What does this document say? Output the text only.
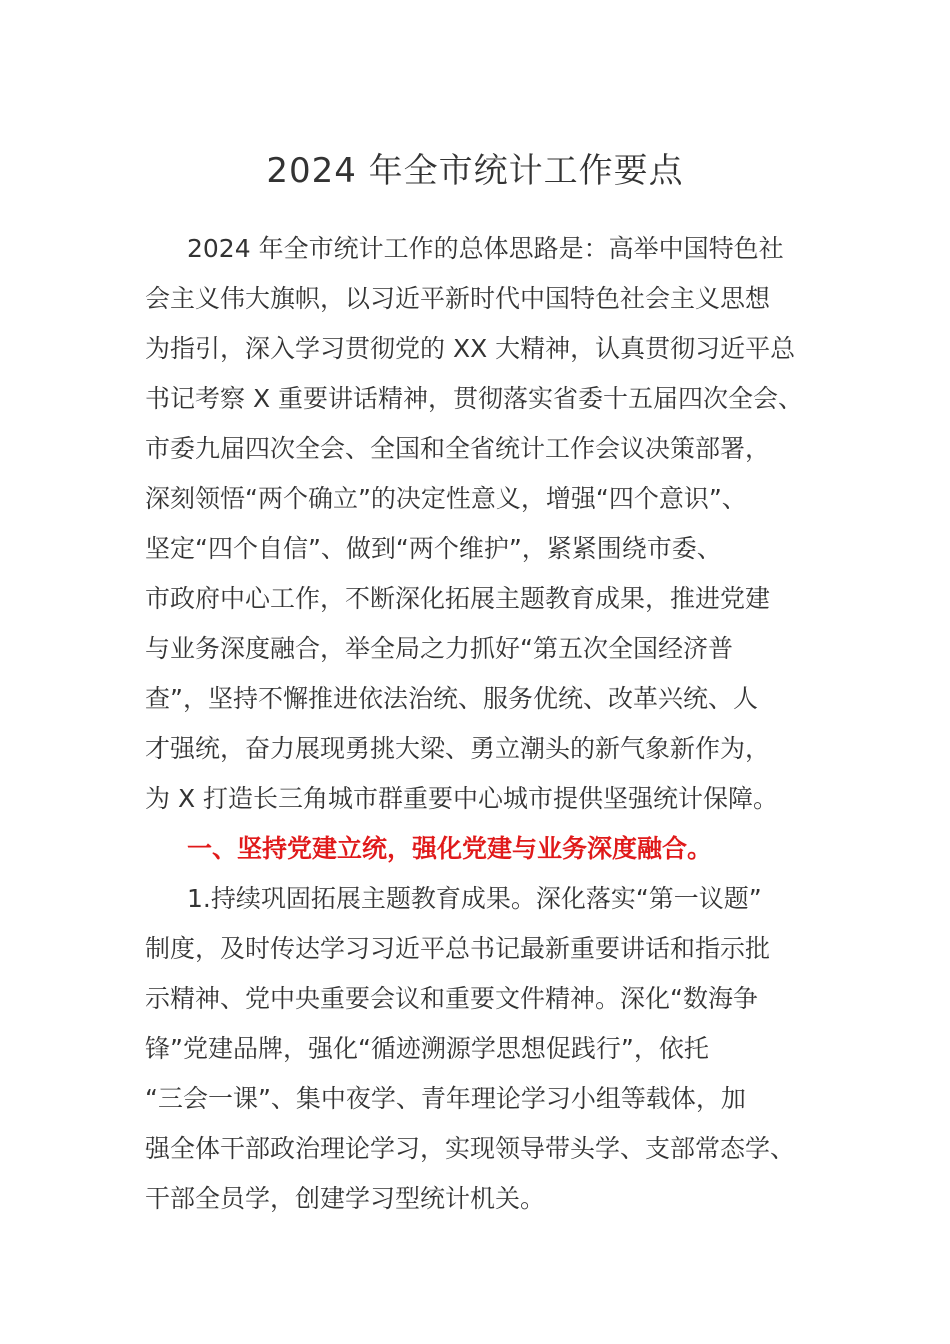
2024 年全市统计工作要点
2024 年全市统计工作的总体思路是：高举中国特色社
会主义伟大旗帜，以习近平新时代中国特色社会主义思想
为指引，深入学习贯彻党的 XX 大精神，认真贯彻习近平总
书记考察 X 重要讲话精神，贯彻落实省委十五届四次全会、
市委九届四次全会、全国和全省统计工作会议决策部署，
深刻领悟“两个确立”的决定性意义，增强“四个意识”、
坚定“四个自信”、做到“两个维护”，紧紧围绕市委、
市政府中心工作，不断深化拓展主题教育成果，推进党建
与业务深度融合，举全局之力抓好“第五次全国经济普
查”，坚持不懈推进依法治统、服务优统、改革兴统、人
才强统，奋力展现勇挑大梁、勇立潮头的新气象新作为，
为 X 打造长三角城市群重要中心城市提供坚强统计保障。
一、坚持党建立统，强化党建与业务深度融合。
1.持续巩固拓展主题教育成果。深化落实“第一议题”
制度，及时传达学习习近平总书记最新重要讲话和指示批
示精神、党中央重要会议和重要文件精神。深化“数海争
锋”党建品牌，强化“循迹溯源学思想促践行”，依托
“三会一课”、集中夜学、青年理论学习小组等载体，加
强全体干部政治理论学习，实现领导带头学、支部常态学、
干部全员学，创建学习型统计机关。
